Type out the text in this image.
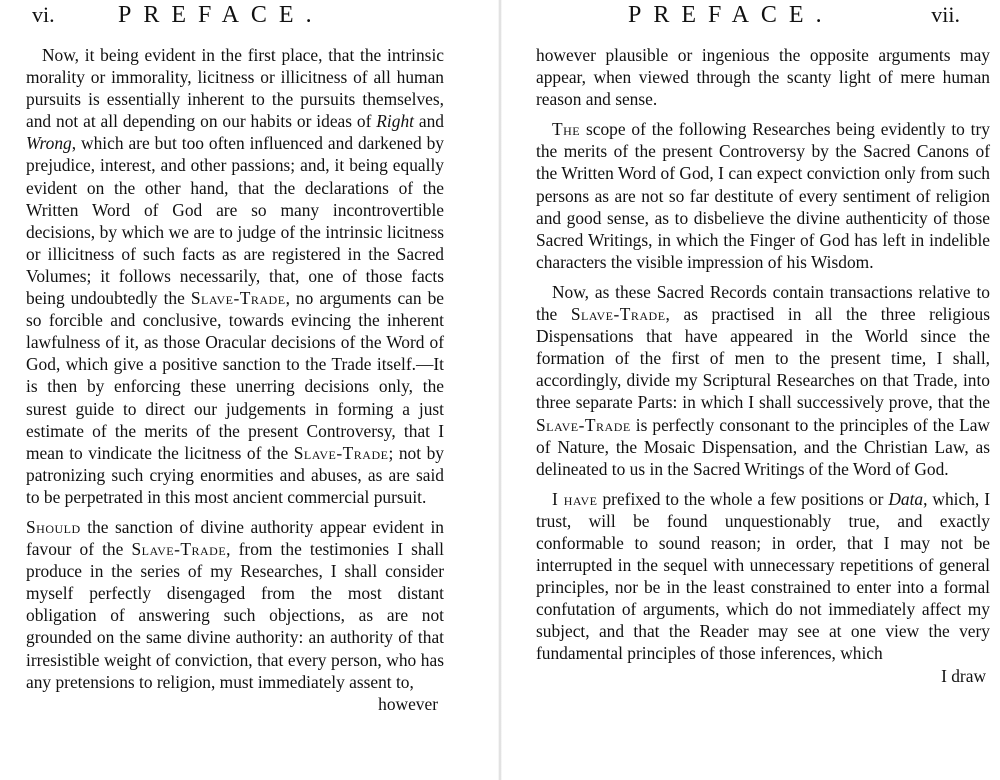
vi.	PREFACE.

Now, it being evident in the first place, that the intrinsic morality or immorality, licitness or illicitness of all human pursuits is essentially inherent to the pursuits themselves, and not at all depending on our habits or ideas of Right and Wrong, which are but too often influenced and darkened by prejudice, interest, and other passions; and, it being equally evident on the other hand, that the declarations of the Written Word of God are so many incontrovertible decisions, by which we are to judge of the intrinsic licitness or illicitness of such facts as are registered in the Sacred Volumes; it follows necessarily, that, one of those facts being undoubtedly the Slave-Trade, no arguments can be so forcible and conclusive, towards evincing the inherent lawfulness of it, as those Oracular decisions of the Word of God, which give a positive sanction to the Trade itself.—It is then by enforcing these unerring decisions only, the surest guide to direct our judgements in forming a just estimate of the merits of the present Controversy, that I mean to vindicate the licitness of the Slave-Trade; not by patronizing such crying enormities and abuses, as are said to be perpetrated in this most ancient commercial pursuit.

Should the sanction of divine authority appear evident in favour of the Slave-Trade, from the testimonies I shall produce in the series of my Researches, I shall consider myself perfectly disengaged from the most distant obligation of answering such objections, as are not grounded on the same divine authority: an authority of that irresistible weight of conviction, that every person, who has any pretensions to religion, must immediately assent to,

however

PREFACE.	vii.

however plausible or ingenious the opposite arguments may appear, when viewed through the scanty light of mere human reason and sense.

The scope of the following Researches being evidently to try the merits of the present Controversy by the Sacred Canons of the Written Word of God, I can expect conviction only from such persons as are not so far destitute of every sentiment of religion and good sense, as to disbelieve the divine authenticity of those Sacred Writings, in which the Finger of God has left in indelible characters the visible impression of his Wisdom.

Now, as these Sacred Records contain transactions relative to the Slave-Trade, as practised in all the three religious Dispensations that have appeared in the World since the formation of the first of men to the present time, I shall, accordingly, divide my Scriptural Researches on that Trade, into three separate Parts: in which I shall successively prove, that the Slave-Trade is perfectly consonant to the principles of the Law of Nature, the Mosaic Dispensation, and the Christian Law, as delineated to us in the Sacred Writings of the Word of God.

I have prefixed to the whole a few positions or Data, which, I trust, will be found unquestionably true, and exactly conformable to sound reason; in order, that I may not be interrupted in the sequel with unnecessary repetitions of general principles, nor be in the least constrained to enter into a formal confutation of arguments, which do not immediately affect my subject, and that the Reader may see at one view the very fundamental principles of those inferences, which

I draw
